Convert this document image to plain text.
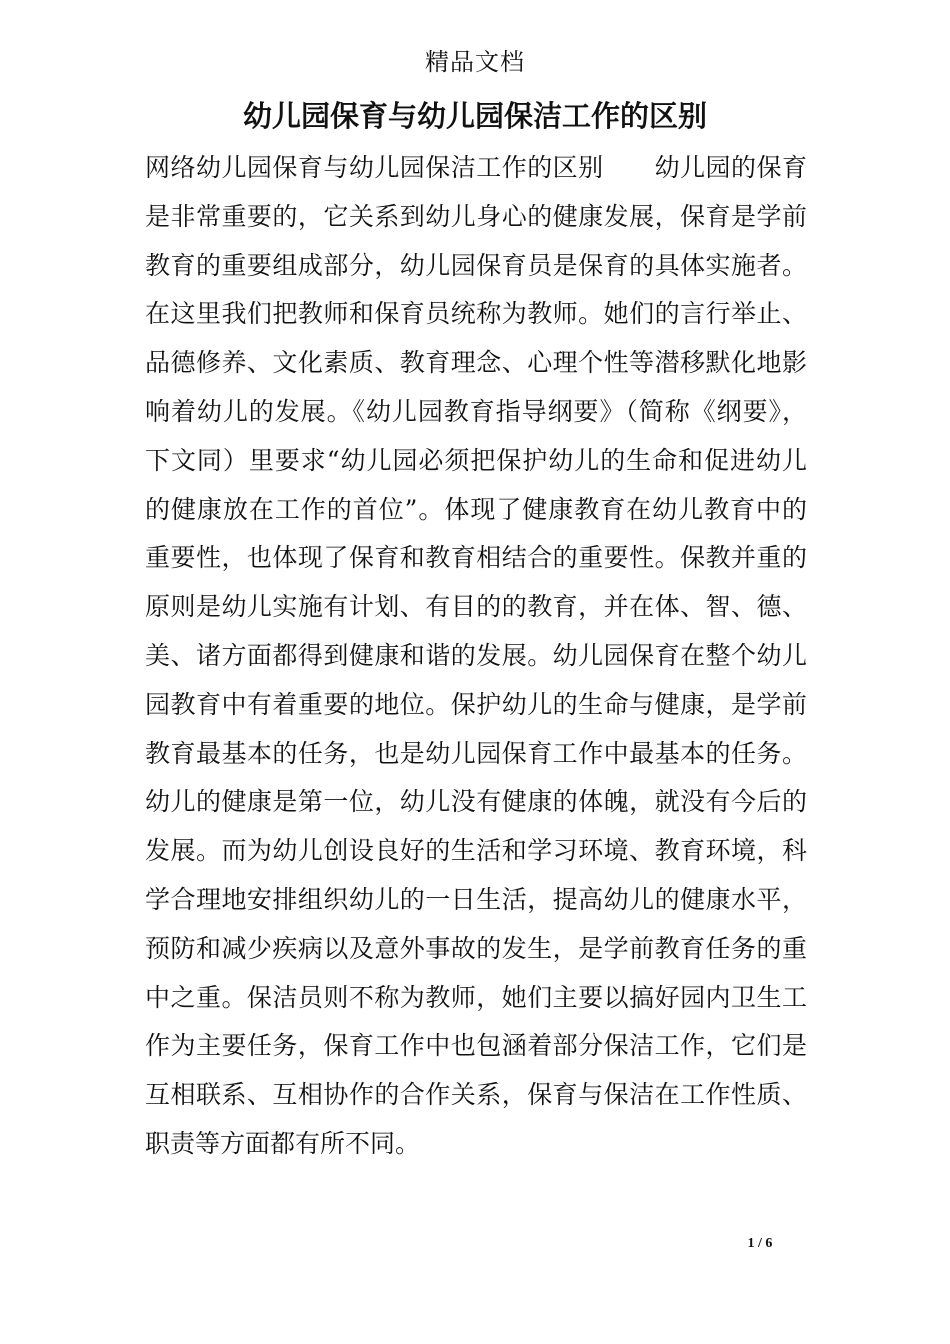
精品文档
幼儿园保育与幼儿园保洁工作的区别
网络幼儿园保育与幼儿园保洁工作的区别　　幼儿园的保育
是非常重要的，它关系到幼儿身心的健康发展，保育是学前
教育的重要组成部分，幼儿园保育员是保育的具体实施者。
在这里我们把教师和保育员统称为教师。她们的言行举止、
品德修养、文化素质、教育理念、心理个性等潜移默化地影
响着幼儿的发展。《幼儿园教育指导纲要》（简称《纲要》，
下文同）里要求“幼儿园必须把保护幼儿的生命和促进幼儿
的健康放在工作的首位”。体现了健康教育在幼儿教育中的
重要性，也体现了保育和教育相结合的重要性。保教并重的
原则是幼儿实施有计划、有目的的教育，并在体、智、德、
美、诸方面都得到健康和谐的发展。幼儿园保育在整个幼儿
园教育中有着重要的地位。保护幼儿的生命与健康，是学前
教育最基本的任务，也是幼儿园保育工作中最基本的任务。
幼儿的健康是第一位，幼儿没有健康的体魄，就没有今后的
发展。而为幼儿创设良好的生活和学习环境、教育环境，科
学合理地安排组织幼儿的一日生活，提高幼儿的健康水平，
预防和减少疾病以及意外事故的发生，是学前教育任务的重
中之重。保洁员则不称为教师，她们主要以搞好园内卫生工
作为主要任务，保育工作中也包涵着部分保洁工作，它们是
互相联系、互相协作的合作关系，保育与保洁在工作性质、
职责等方面都有所不同。
1 / 6
